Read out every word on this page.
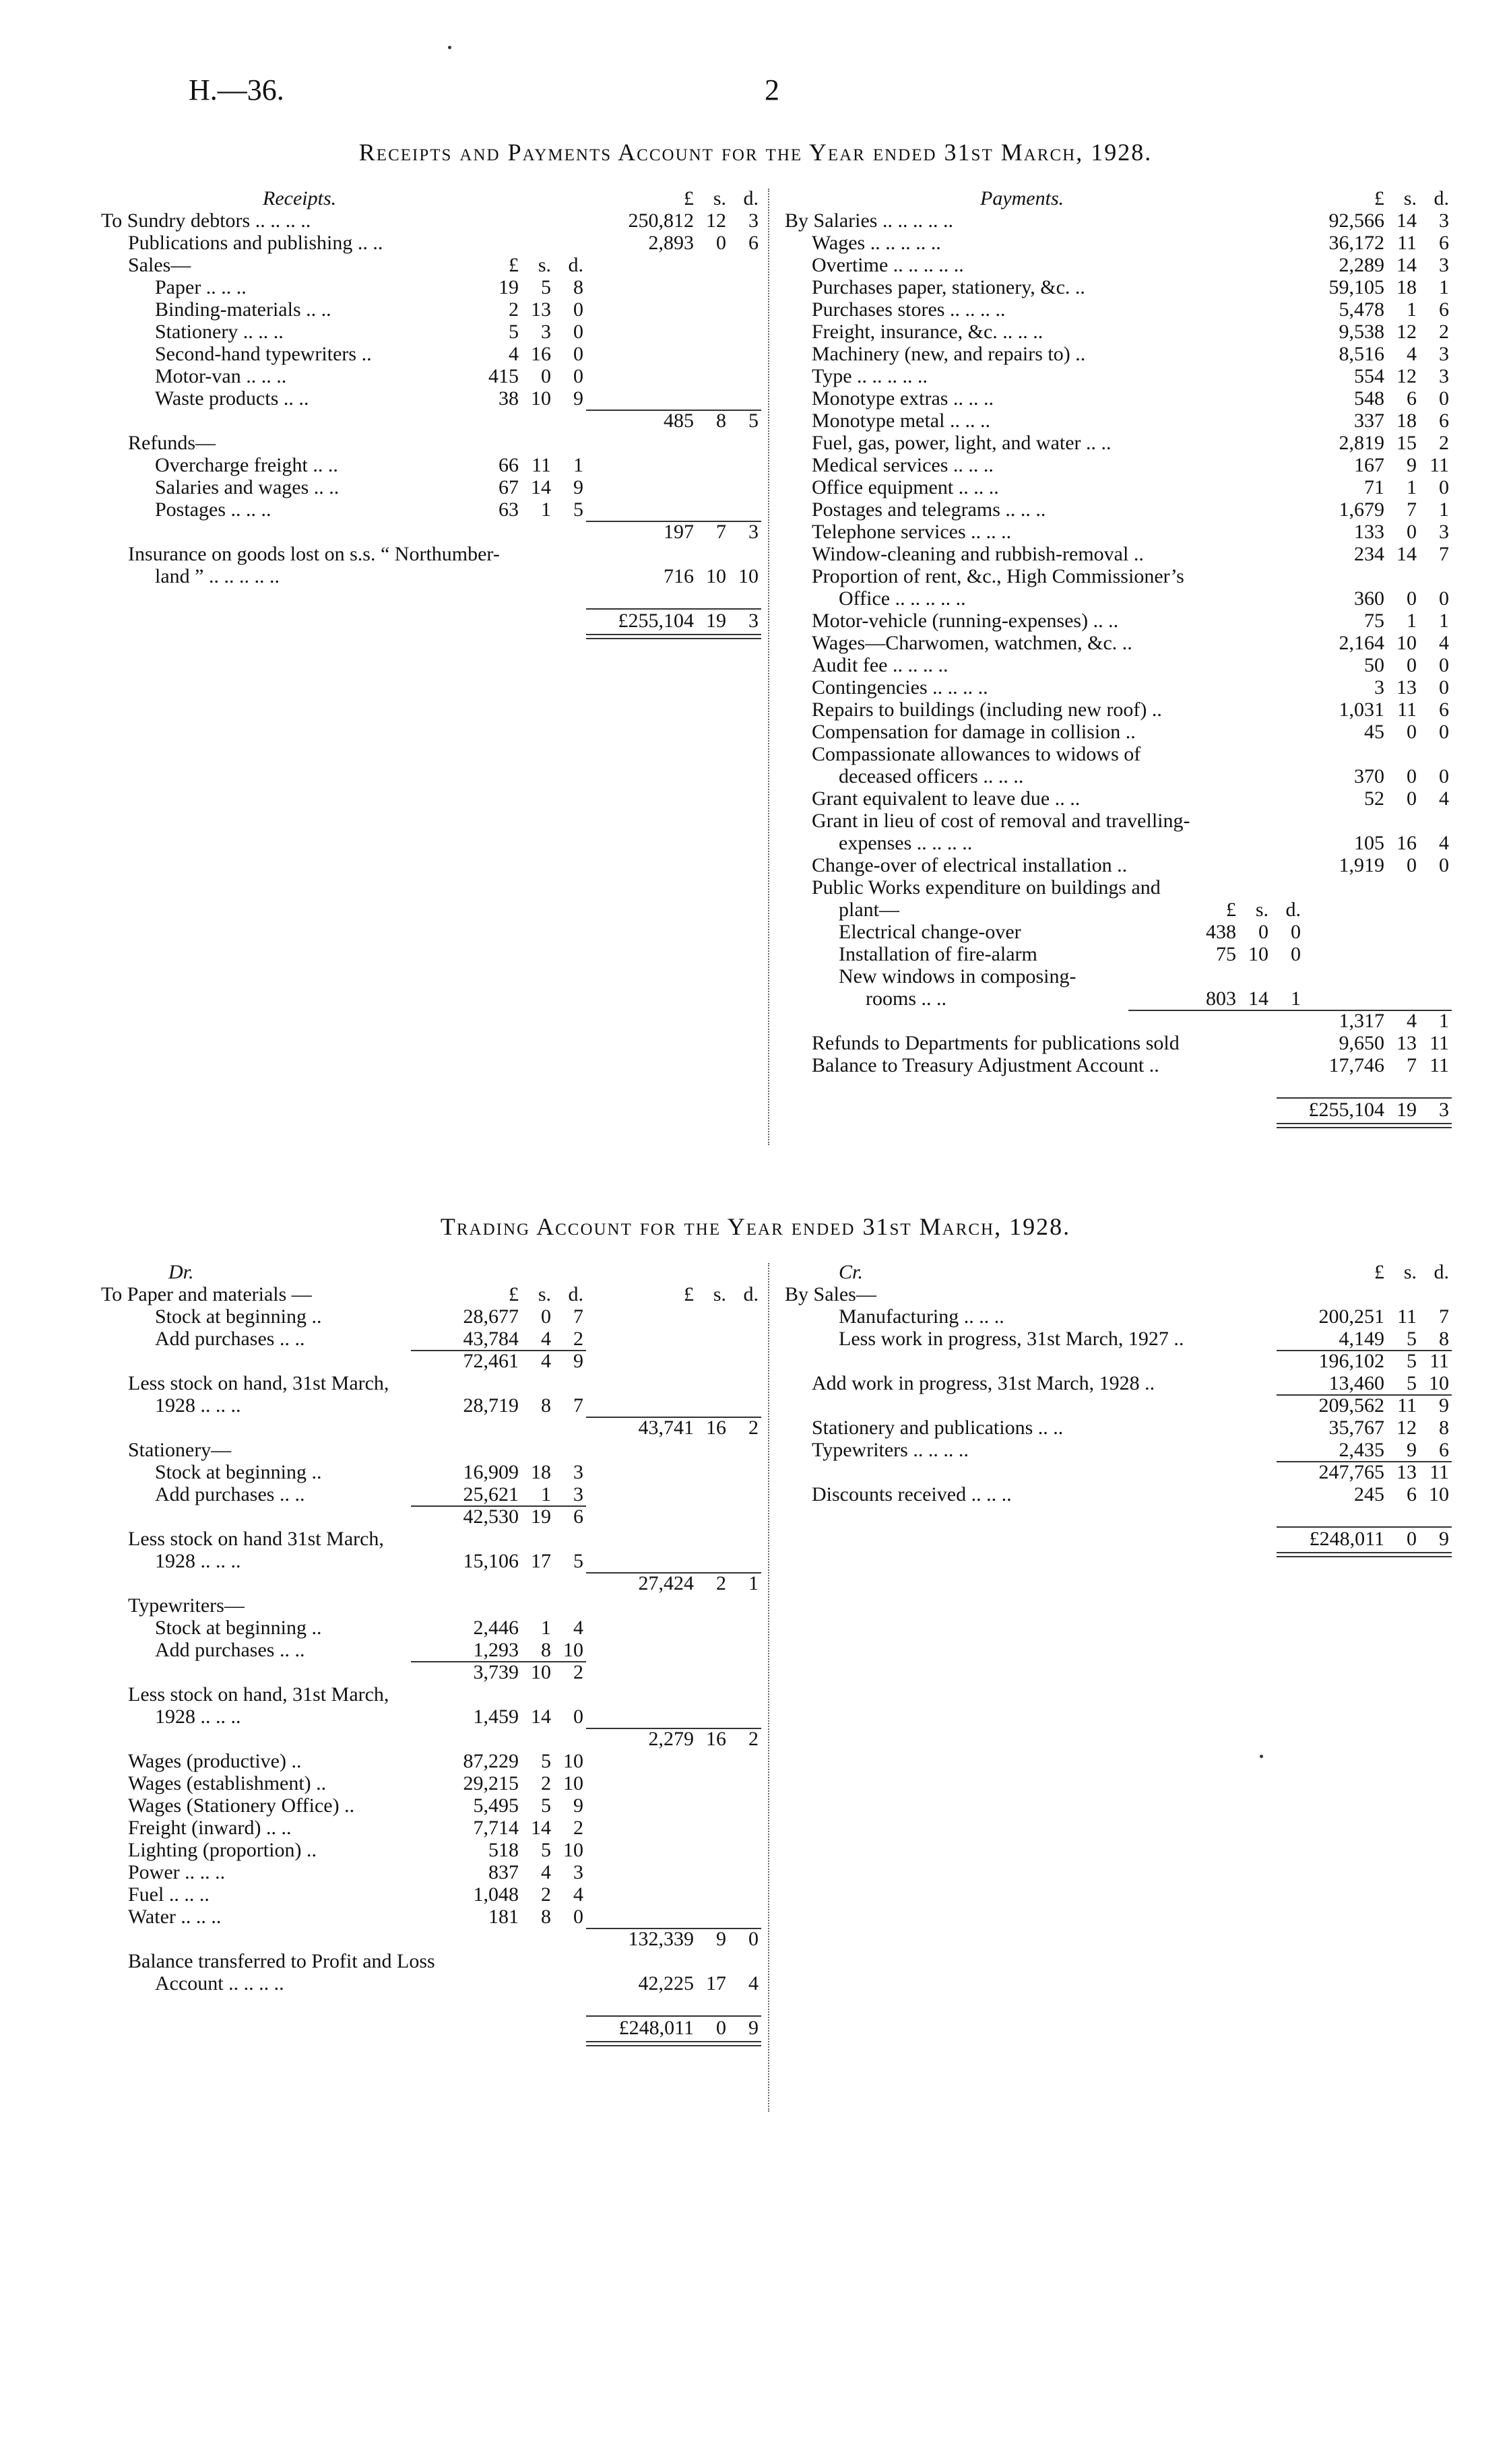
H.—36.	2
Receipts and Payments Account for the Year ended 31st March, 1928.
Receipts.	£ s. d.
To Sundry debtors .. .. .. ..	250,812 12	3
Publications and publishing .. ..	2,893	0	6
Sales—	£ s. d.
Paper .. .. ..	19	5	8
Binding-materials .. ..	2 13	0
Stationery .. .. ..	5	3	0
Second-hand typewriters ..	4 16	0
Motor-van .. .. ..	415	0	0
Waste products .. ..	38 10	9
485	8	5
Refunds—
Overcharge freight .. ..	66 11	1
Salaries and wages .. ..	67 14	9
Postages .. .. ..	63	1	5
197	7	3
Insurance on goods lost on s.s. “ Northumber-
land ” .. .. .. .. ..	716 10 10
£255,104 19	3
Payments.	£ s. d.
By Salaries .. .. .. .. ..	92,566 14	3
Wages .. .. .. .. ..	36,172 11	6
Overtime .. .. .. .. ..	2,289 14	3
Purchases paper, stationery, &c. ..	59,105 18	1
Purchases stores .. .. .. ..	5,478	1	6
Freight, insurance, &c. .. .. ..	9,538 12	2
Machinery (new, and repairs to) ..	8,516	4	3
Type .. .. .. .. ..	554 12	3
Monotype extras .. .. ..	548	6	0
Monotype metal .. .. ..	337 18	6
Fuel, gas, power, light, and water .. ..	2,819 15	2
Medical services .. .. ..	167	9 11
Office equipment .. .. ..	71	1	0
Postages and telegrams .. .. ..	1,679	7	1
Telephone services .. .. ..	133	0	3
Window-cleaning and rubbish-removal ..	234 14	7
Proportion of rent, &c., High Commissioner’s
Office .. .. .. .. ..	360	0	0
Motor-vehicle (running-expenses) .. ..	75	1	1
Wages—Charwomen, watchmen, &c. ..	2,164 10	4
Audit fee .. .. .. ..	50	0	0
Contingencies .. .. .. ..	3 13	0
Repairs to buildings (including new roof) ..	1,031 11	6
Compensation for damage in collision ..	45	0	0
Compassionate allowances to widows of
deceased officers .. .. ..	370	0	0
Grant equivalent to leave due .. ..	52	0	4
Grant in lieu of cost of removal and travelling-
expenses .. .. .. ..	105 16	4
Change-over of electrical installation ..	1,919	0	0
Public Works expenditure on buildings and
plant—	£ s. d.
Electrical change-over	438	0	0
Installation of fire-alarm	75 10	0
New windows in composing-
rooms .. ..	803 14	1
1,317	4	1
Refunds to Departments for publications sold	9,650 13 11
Balance to Treasury Adjustment Account ..	17,746	7 11
£255,104 19	3
Trading Account for the Year ended 31st March, 1928.
Dr.
To Paper and materials —	£ s. d.	£ s. d.
Stock at beginning ..	28,677	0	7
Add purchases .. ..	43,784	4	2
72,461	4	9
Less stock on hand, 31st March,
1928 .. .. ..	28,719	8	7
43,741 16	2
Stationery—
Stock at beginning ..	16,909 18	3
Add purchases .. ..	25,621	1	3
42,530 19	6
Less stock on hand 31st March,
1928 .. .. ..	15,106 17	5
27,424	2	1
Typewriters—
Stock at beginning ..	2,446	1	4
Add purchases .. ..	1,293	8 10
3,739 10	2
Less stock on hand, 31st March,
1928 .. .. ..	1,459 14	0
2,279 16	2
Wages (productive) ..	87,229	5 10
Wages (establishment) ..	29,215	2 10
Wages (Stationery Office) ..	5,495	5	9
Freight (inward) .. ..	7,714 14	2
Lighting (proportion) ..	518	5 10
Power .. .. ..	837	4	3
Fuel .. .. ..	1,048	2	4
Water .. .. ..	181	8	0
132,339	9	0
Balance transferred to Profit and Loss
Account .. .. .. ..	42,225 17	4
£248,011	0	9
Cr.	£ s. d.
By Sales—
Manufacturing .. .. ..	200,251 11	7
Less work in progress, 31st March, 1927 ..	4,149	5	8
196,102	5 11
Add work in progress, 31st March, 1928 ..	13,460	5 10
209,562 11	9
Stationery and publications .. ..	35,767 12	8
Typewriters .. .. .. ..	2,435	9	6
247,765 13 11
Discounts received .. .. ..	245	6 10
£248,011	0	9
